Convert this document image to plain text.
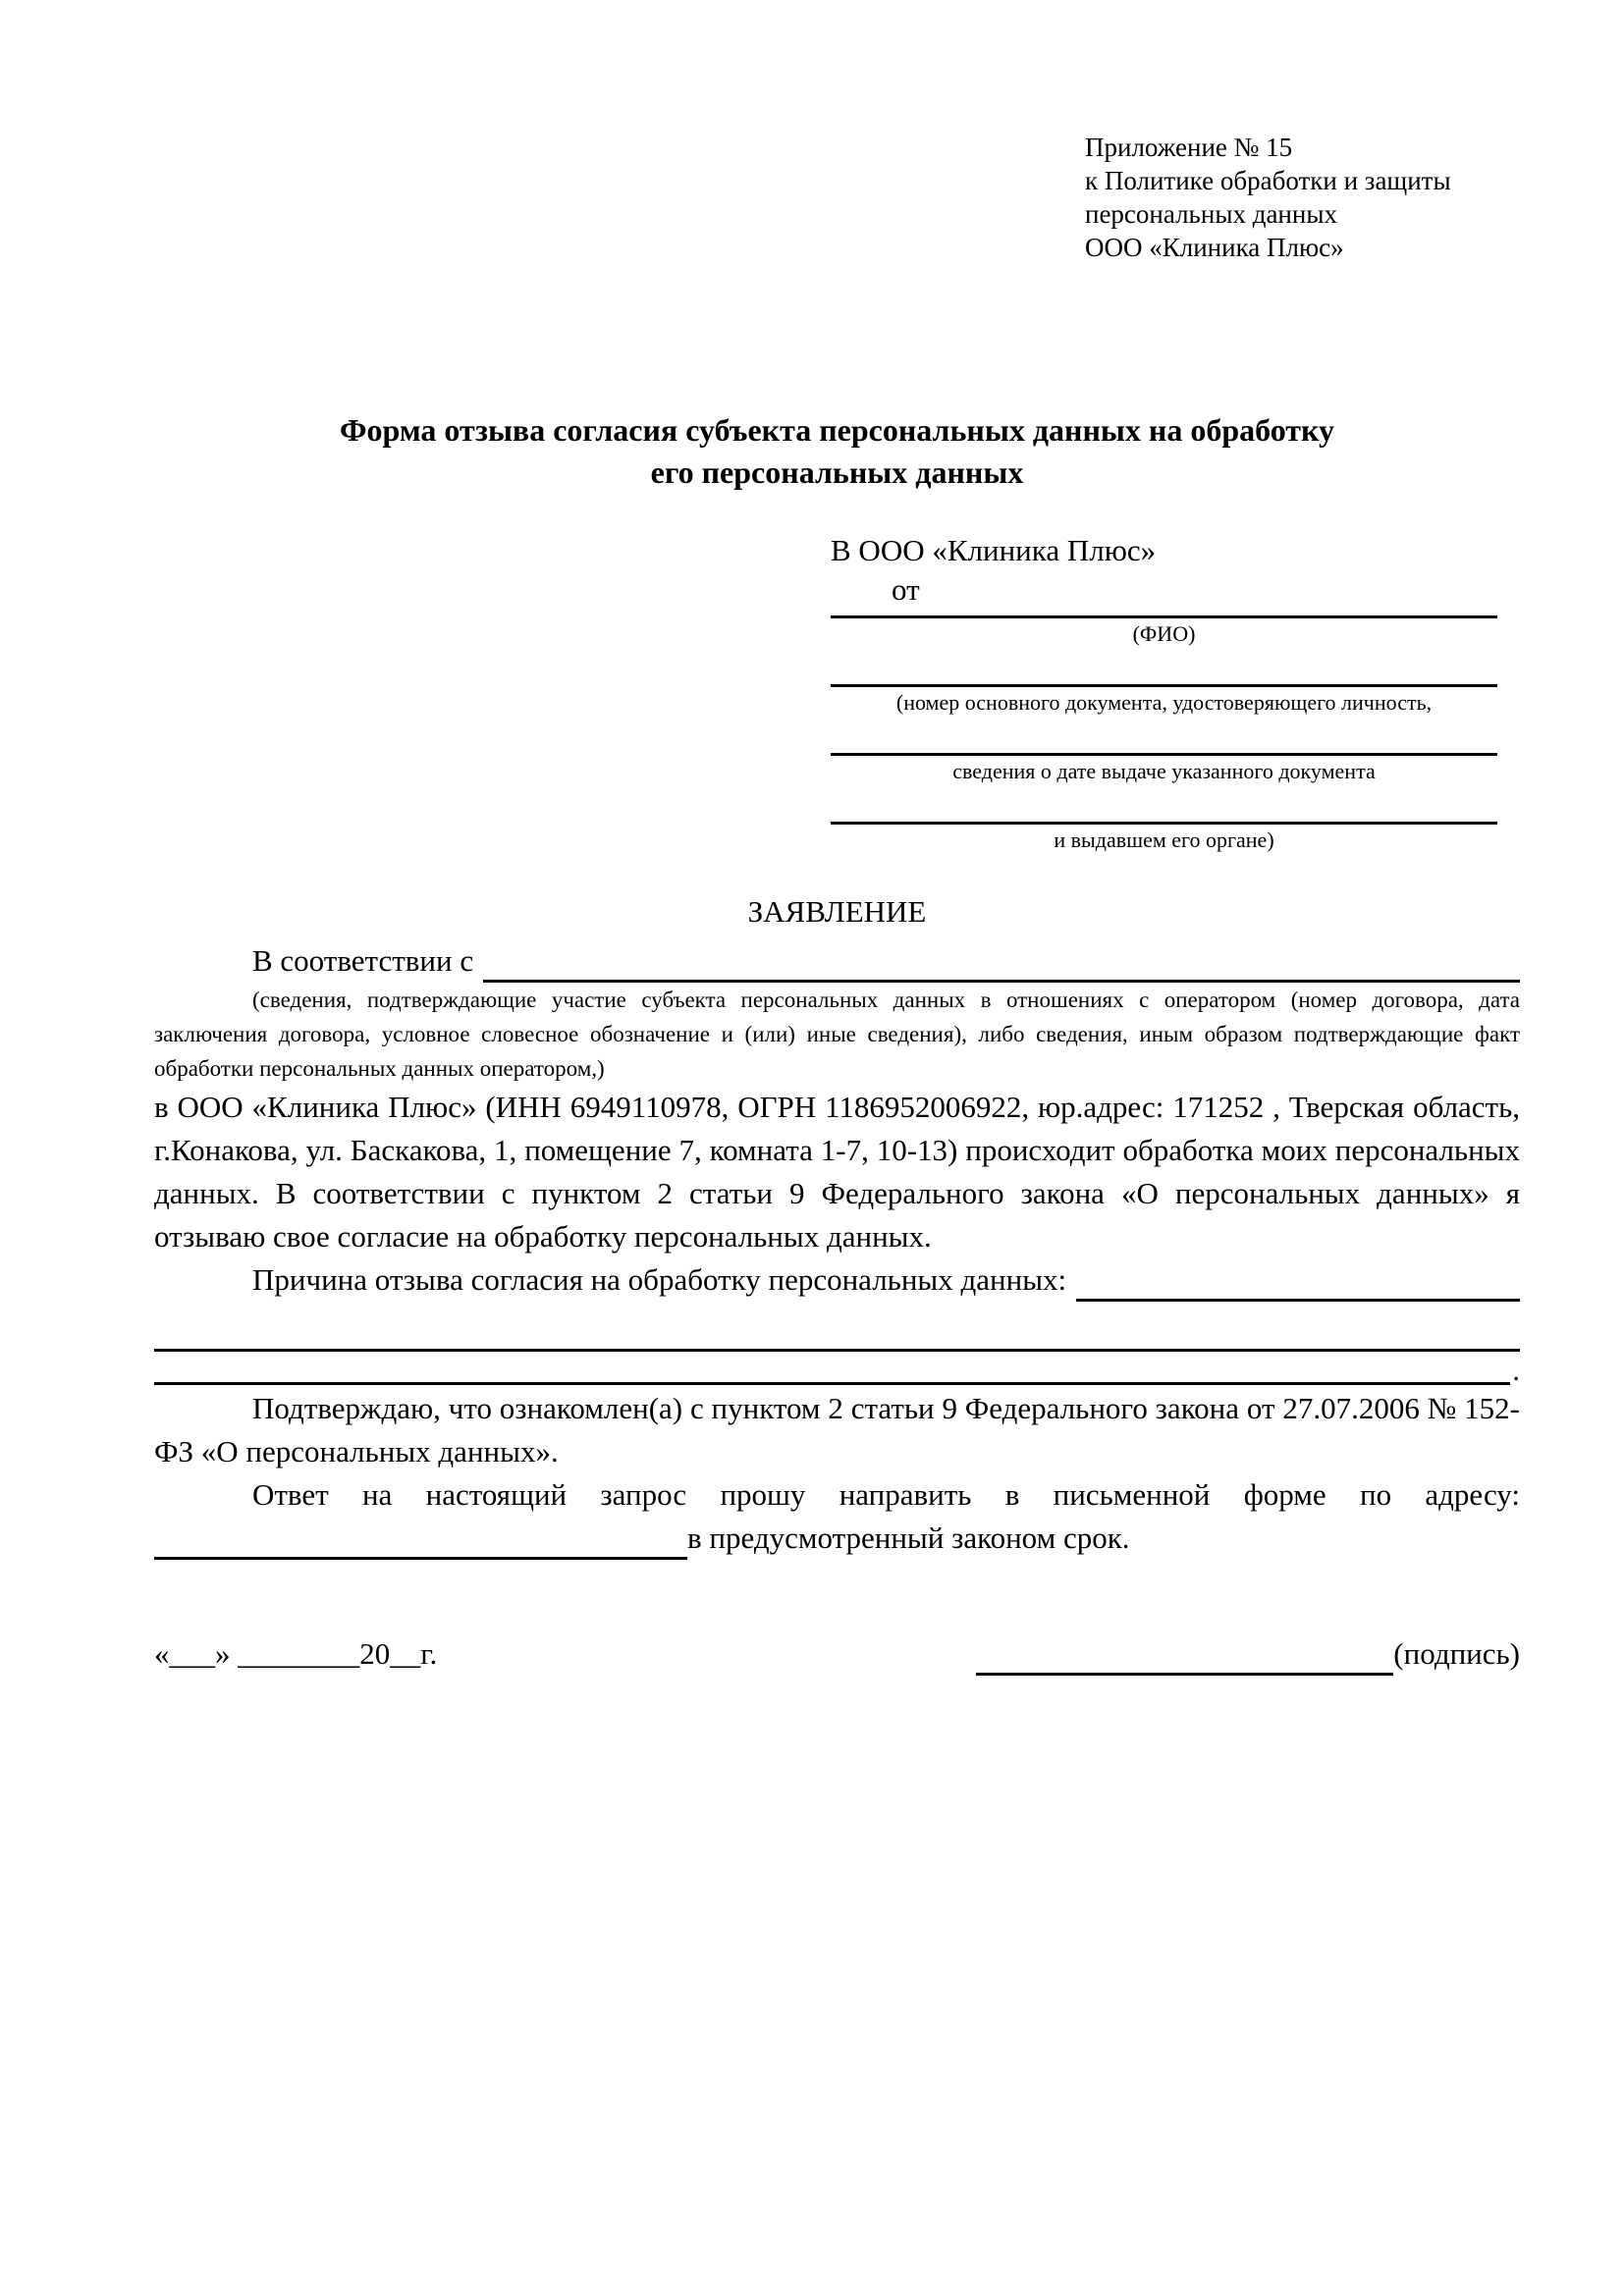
Приложение № 15
к Политике обработки и защиты
персональных данных
ООО «Клиника Плюс»
Форма отзыва согласия субъекта персональных данных на обработку
его персональных данных
В ООО «Клиника Плюс»
от
(ФИО)
(номер основного документа, удостоверяющего личность,
сведения о дате выдаче указанного документа
и выдавшем его органе)
ЗАЯВЛЕНИЕ
В соответствии с
(сведения, подтверждающие участие субъекта персональных данных в отношениях с оператором (номер договора, дата заключения договора, условное словесное обозначение и (или) иные сведения), либо сведения, иным образом подтверждающие факт обработки персональных данных оператором,)
в ООО «Клиника Плюс» (ИНН 6949110978, ОГРН 1186952006922, юр.адрес: 171252 , Тверская область, г.Конакова, ул. Баскакова, 1, помещение 7, комната 1-7, 10-13) происходит обработка моих персональных данных. В соответствии с пунктом 2 статьи 9 Федерального закона «О персональных данных» я отзываю свое согласие на обработку персональных данных.
Причина отзыва согласия на обработку персональных данных:
.
Подтверждаю, что ознакомлен(а) с пунктом 2 статьи 9 Федерального закона от 27.07.2006 № 152-ФЗ «О персональных данных».
Ответ на настоящий запрос прошу направить в письменной форме по адресу:
в предусмотренный законом срок.
«___» ________20__г.	(подпись)
